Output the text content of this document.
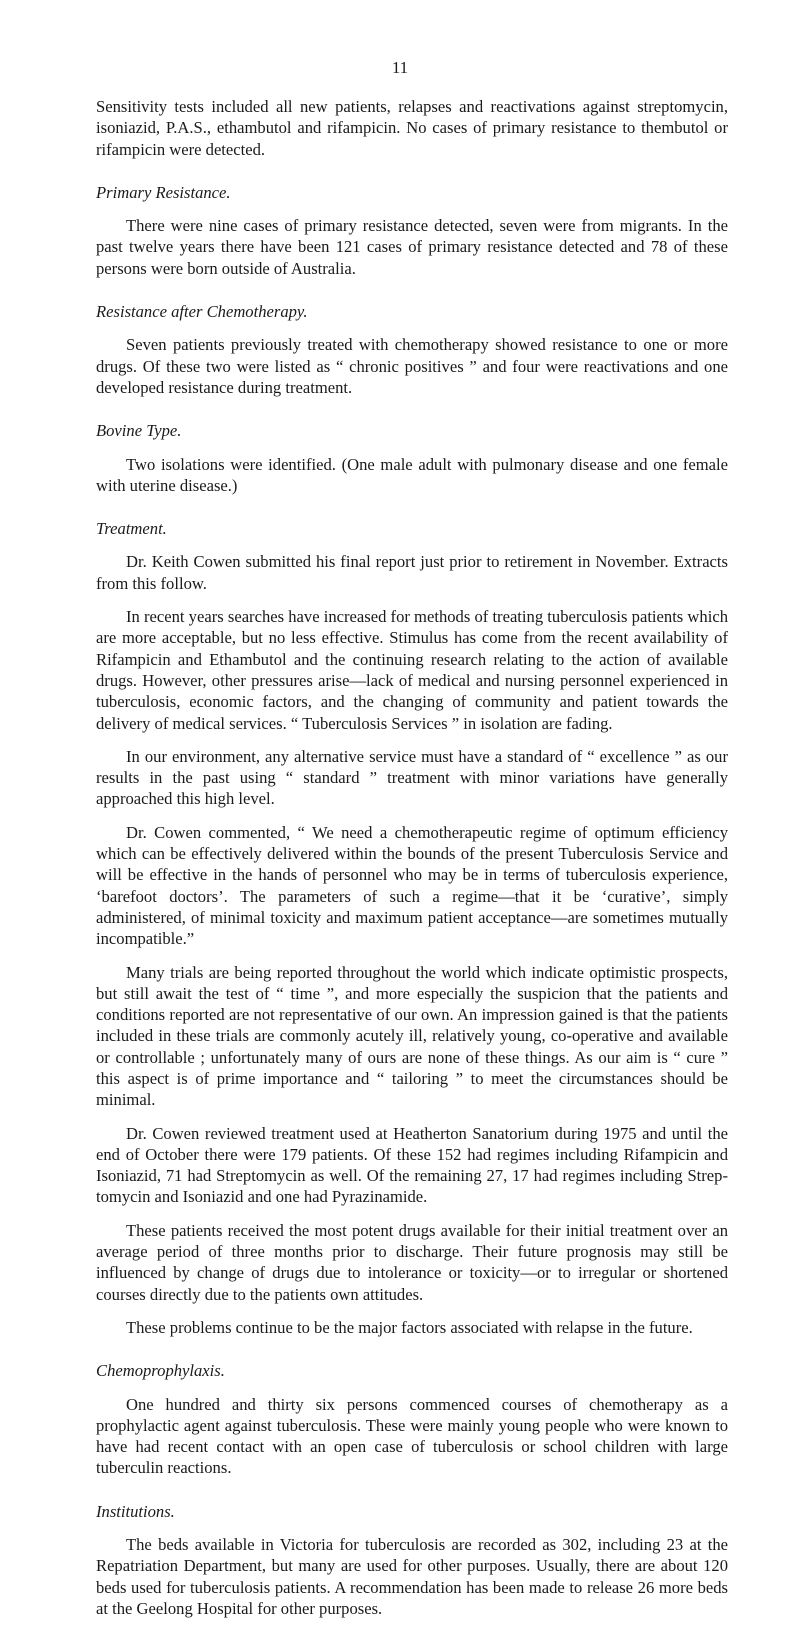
11

Sensitivity tests included all new patients, relapses and reactivations against streptomycin, isoniazid, P.A.S., ethambutol and rifampicin. No cases of primary resistance to thembutol or rifampicin were detected.

Primary Resistance.

There were nine cases of primary resistance detected, seven were from migrants. In the past twelve years there have been 121 cases of primary resistance detected and 78 of these persons were born outside of Australia.

Resistance after Chemotherapy.

Seven patients previously treated with chemotherapy showed resistance to one or more drugs. Of these two were listed as “ chronic positives ” and four were reactivations and one developed resistance during treatment.

Bovine Type.

Two isolations were identified. (One male adult with pulmonary disease and one female with uterine disease.)

Treatment.

Dr. Keith Cowen submitted his final report just prior to retirement in November. Extracts from this follow.

In recent years searches have increased for methods of treating tuberculosis patients which are more acceptable, but no less effective. Stimulus has come from the recent availability of Rifampicin and Ethambutol and the continuing research relating to the action of available drugs. However, other pressures arise—lack of medical and nursing personnel experienced in tuberculosis, economic factors, and the changing of community and patient towards the delivery of medical services. “ Tuberculosis Services ” in isolation are fading.

In our environment, any alternative service must have a standard of “ excellence ” as our results in the past using “ standard ” treatment with minor variations have generally approached this high level.

Dr. Cowen commented, “ We need a chemotherapeutic regime of optimum efficiency which can be effectively delivered within the bounds of the present Tuberculosis Service and will be effective in the hands of personnel who may be in terms of tuberculosis experience, ‘barefoot doctors’. The parameters of such a regime—that it be ‘curative’, simply administered, of minimal toxicity and maximum patient acceptance—are sometimes mutually incompatible.”

Many trials are being reported throughout the world which indicate optimistic prospects, but still await the test of “ time ”, and more especially the suspicion that the patients and conditions reported are not representative of our own. An impression gained is that the patients included in these trials are commonly acutely ill, relatively young, co-operative and available or controllable ; unfortunately many of ours are none of these things. As our aim is “ cure ” this aspect is of prime importance and “ tailoring ” to meet the circumstances should be minimal.

Dr. Cowen reviewed treatment used at Heatherton Sanatorium during 1975 and until the end of October there were 179 patients. Of these 152 had regimes including Rifampicin and Isoniazid, 71 had Streptomycin as well. Of the remaining 27, 17 had regimes including Streptomycin and Isoniazid and one had Pyrazinamide.

These patients received the most potent drugs available for their initial treatment over an average period of three months prior to discharge. Their future prognosis may still be influenced by change of drugs due to intolerance or toxicity—or to irregular or shortened courses directly due to the patients own attitudes.

These problems continue to be the major factors associated with relapse in the future.

Chemoprophylaxis.

One hundred and thirty six persons commenced courses of chemotherapy as a prophylactic agent against tuberculosis. These were mainly young people who were known to have had recent contact with an open case of tuberculosis or school children with large tuberculin reactions.

Institutions.

The beds available in Victoria for tuberculosis are recorded as 302, including 23 at the Repatriation Department, but many are used for other purposes. Usually, there are about 120 beds used for tuberculosis patients. A recommendation has been made to release 26 more beds at the Geelong Hospital for other purposes.
